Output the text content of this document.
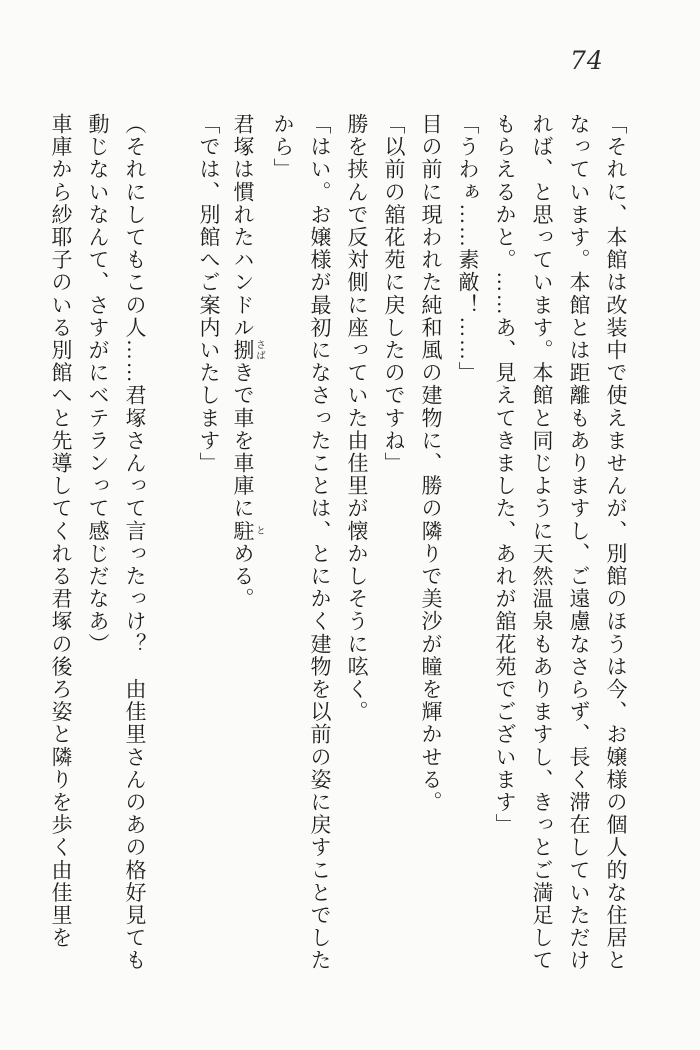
74
「それに、本館は改装中で使えませんが、別館のほうは今、お嬢様の個人的な住居と
なっています。本館とは距離もありますし、ご遠慮なさらず、長く滞在していただけ
れば、と思っています。本館と同じように天然温泉もありますし、きっとご満足して
もらえるかと。……あ、見えてきました、あれが舘花苑でございます」
「うわぁ……素敵！……」
目の前に現われた純和風の建物に、勝の隣りで美沙が瞳を輝かせる。
「以前の舘花苑に戻したのですね」
勝を挟んで反対側に座っていた由佳里が懐かしそうに呟く。
「はい。お嬢様が最初になさったことは、とにかく建物を以前の姿に戻すことでした
から」
君塚は慣れたハンドル捌 さばきで車を車庫に駐 とめる。
「では、別館へご案内いたします」
（それにしてもこの人……君塚さんって言ったっけ？　由佳里さんのあの格好見ても
動じないなんて、さすがにベテランって感じだなあ）
車庫から紗耶子のいる別館へと先導してくれる君塚の後ろ姿と隣りを歩く由佳里を
